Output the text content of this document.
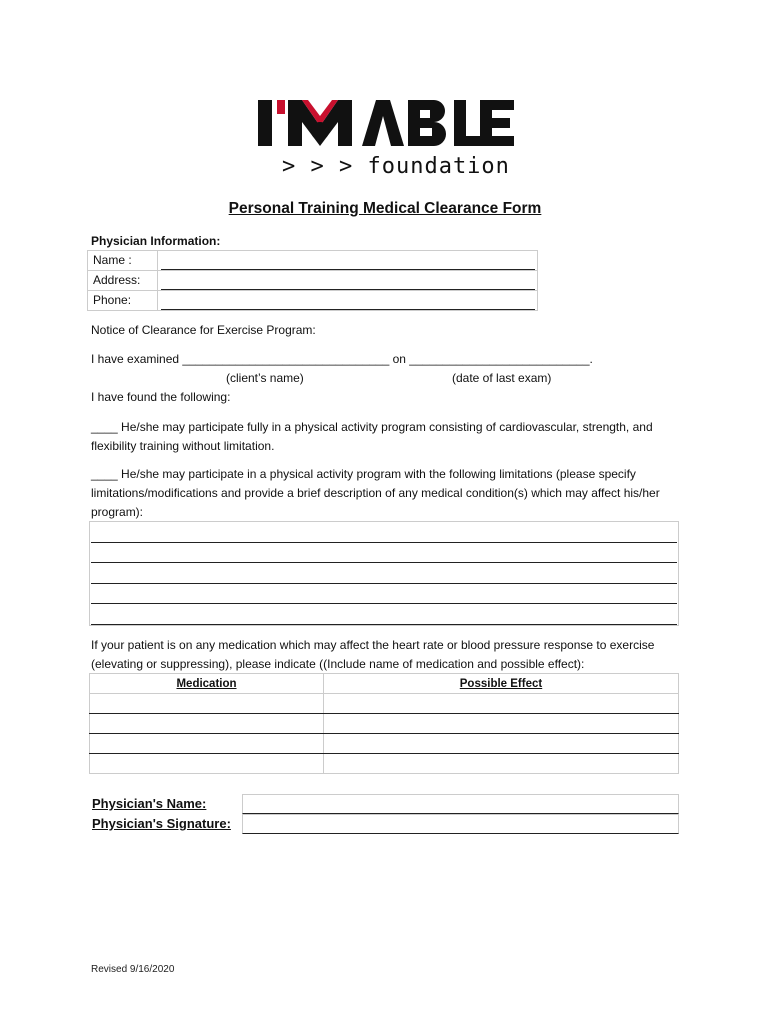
> > > foundation
Personal Training Medical Clearance Form
Physician Information:
Name :
Address:
Phone:
Notice of Clearance for Exercise Program:
I have examined _______________________________ on ___________________________.
(client’s name)	(date of last exam)
I have found the following:
____ He/she may participate fully in a physical activity program consisting of cardiovascular, strength, and flexibility training without limitation.
____ He/she may participate in a physical activity program with the following limitations (please specify limitations/modifications and provide a brief description of any medical condition(s) which may affect his/her program):
If your patient is on any medication which may affect the heart rate or blood pressure response to exercise (elevating or suppressing), please indicate ((Include name of medication and possible effect):
Medication	Possible Effect

Physician's Name:
Physician's Signature:
Revised 9/16/2020
